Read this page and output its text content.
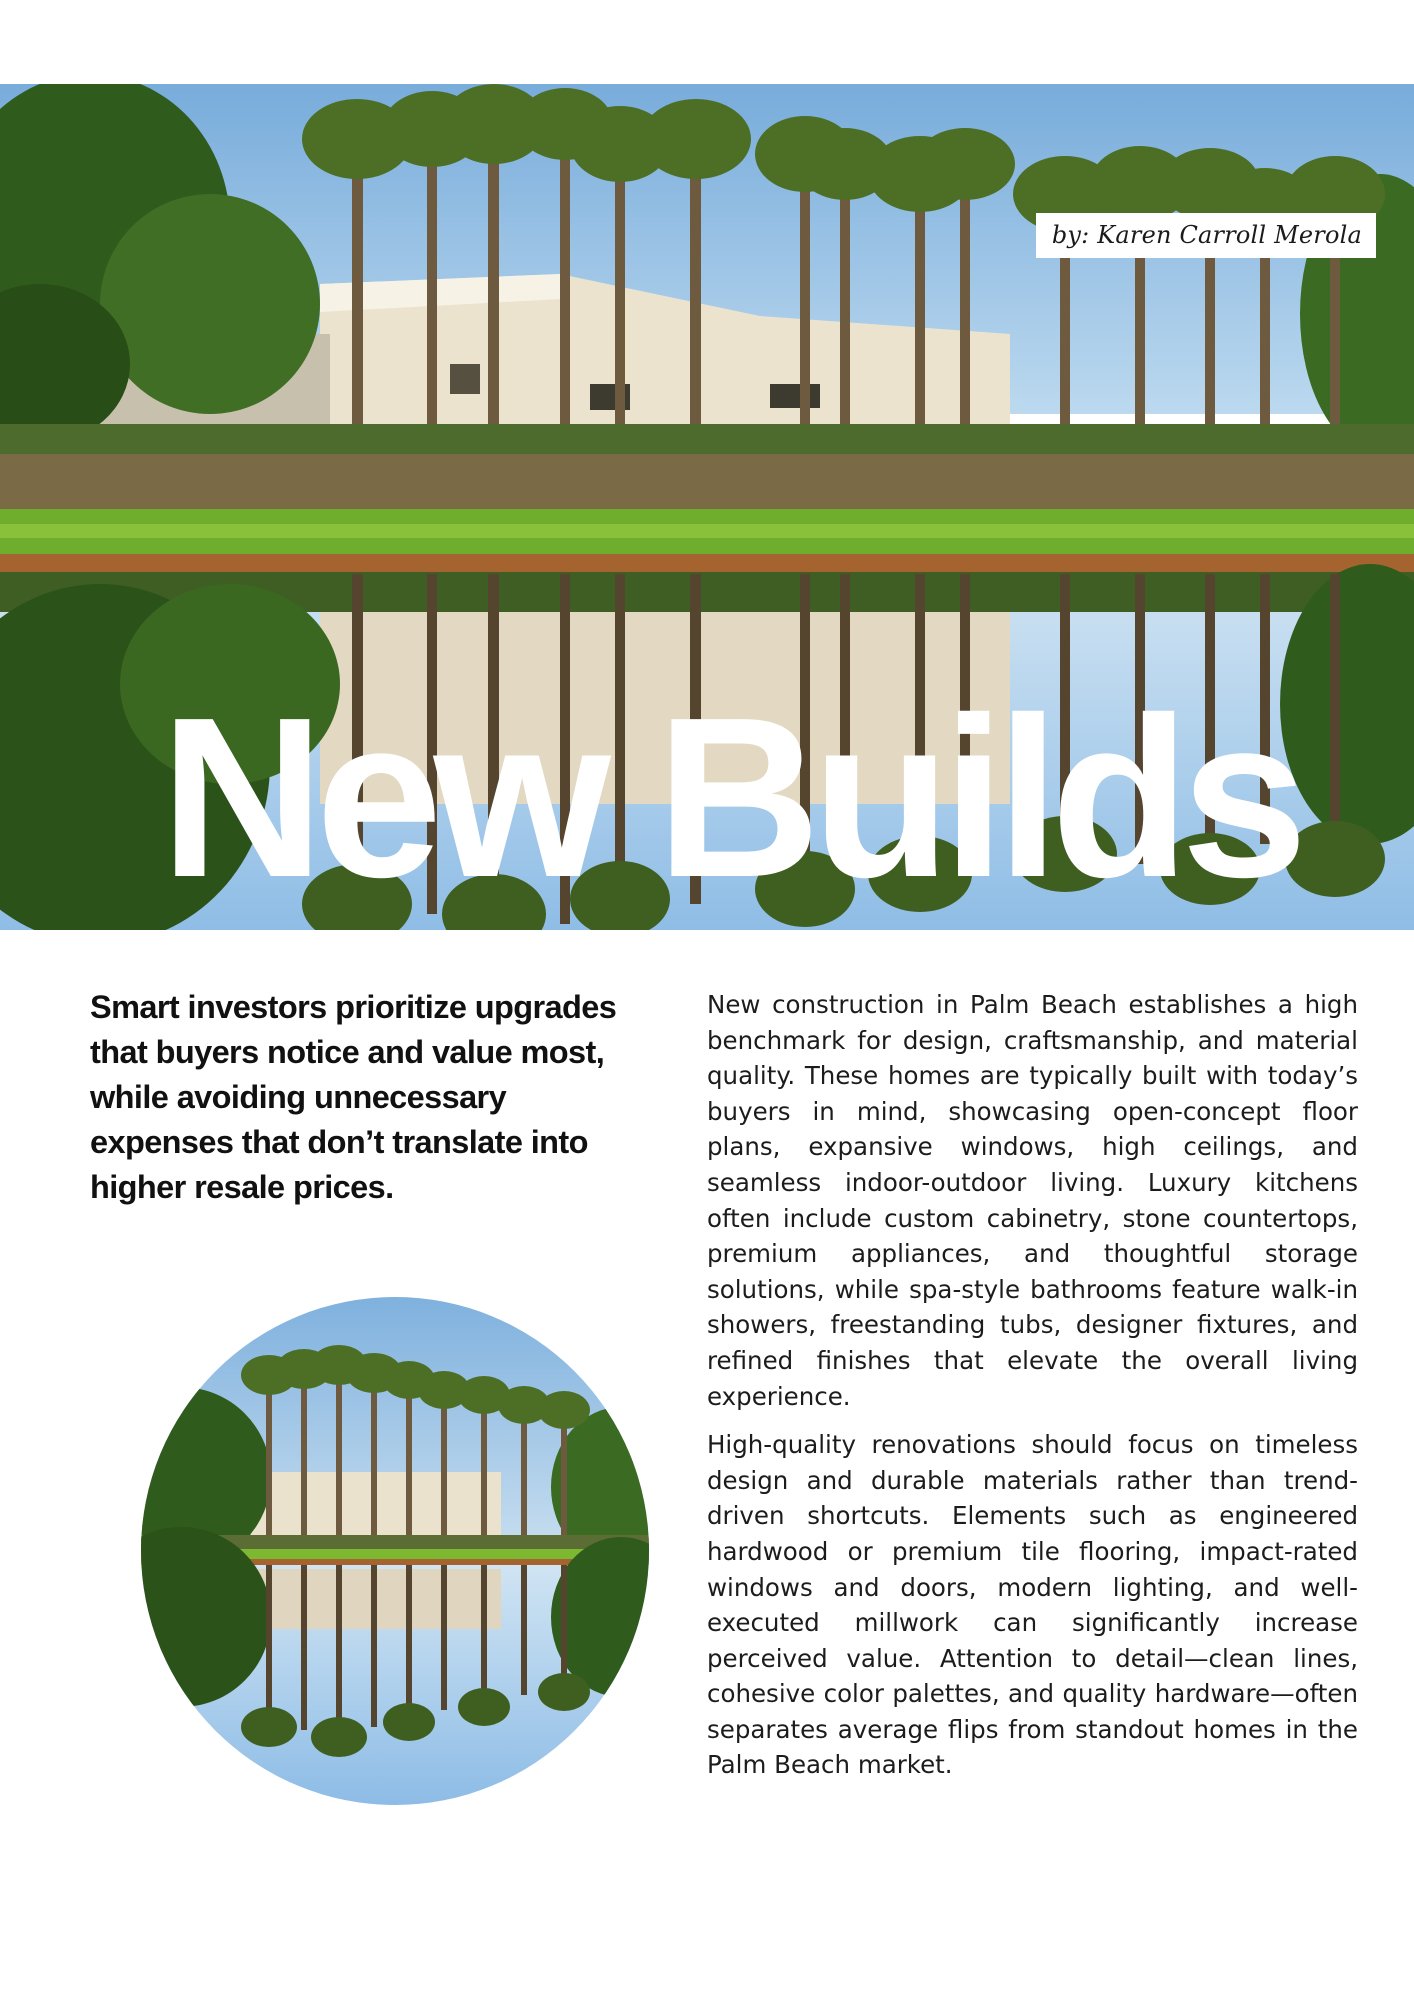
by: Karen Carroll Merola
New Builds
Smart investors prioritize upgrades that buyers notice and value most, while avoiding unnecessary expenses that don’t translate into higher resale prices.

New construction in Palm Beach establishes a high benchmark for design, craftsmanship, and material quality. These homes are typically built with today’s buyers in mind, showcasing open-concept floor plans, expansive windows, high ceilings, and seamless indoor-outdoor living. Luxury kitchens often include custom cabinetry, stone countertops, premium appliances, and thoughtful storage solutions, while spa-style bathrooms feature walk-in showers, freestanding tubs, designer fixtures, and refined finishes that elevate the overall living experience.

High-quality renovations should focus on timeless design and durable materials rather than trend-driven shortcuts. Elements such as engineered hardwood or premium tile flooring, impact-rated windows and doors, modern lighting, and well-executed millwork can significantly increase perceived value. Attention to detail—clean lines, cohesive color palettes, and quality hardware—often separates average flips from standout homes in the Palm Beach market.
